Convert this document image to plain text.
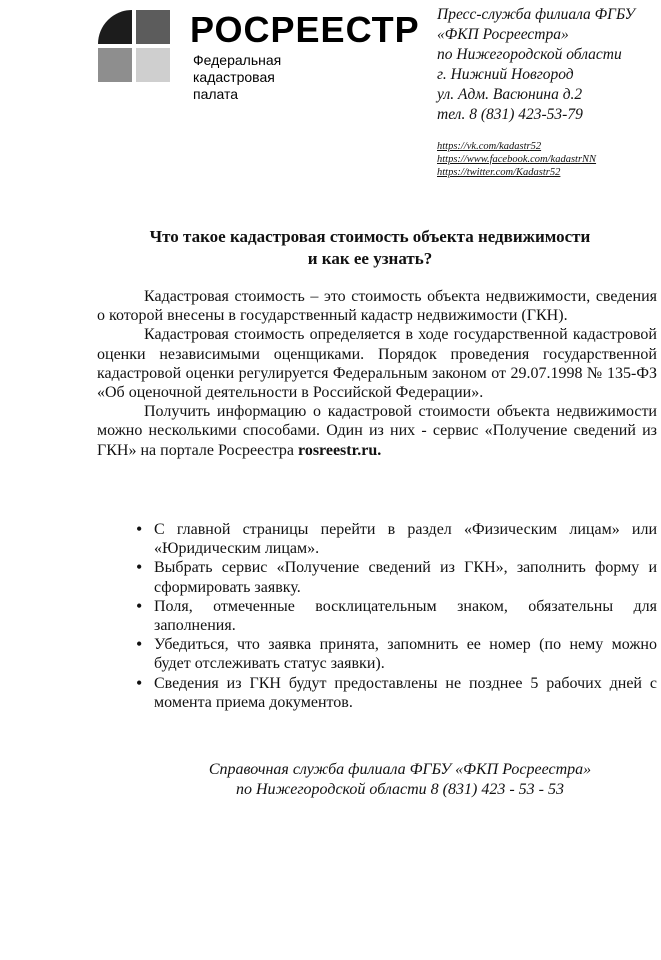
РОСРЕЕСТР
Федеральная
кадастровая
палата
Пресс-служба филиала ФГБУ
«ФКП Росреестра»
по Нижегородской области
г. Нижний Новгород
ул. Адм. Васюнина д.2
тел. 8 (831) 423-53-79
https://vk.com/kadastr52
https://www.facebook.com/kadastrNN
https://twitter.com/Kadastr52
Что такое кадастровая стоимость объекта недвижимости
и как ее узнать?

Кадастровая стоимость – это стоимость объекта недвижимости, сведения о которой внесены в государственный кадастр недвижимости (ГКН).

Кадастровая стоимость определяется в ходе государственной кадастровой оценки независимыми оценщиками. Порядок проведения государственной кадастровой оценки регулируется Федеральным законом от 29.07.1998 № 135-ФЗ «Об оценочной деятельности в Российской Федерации».

Получить информацию о кадастровой стоимости объекта недвижимости можно несколькими способами. Один из них - сервис «Получение сведений из ГКН» на портале Росреестра rosreestr.ru.

• С главной страницы перейти в раздел «Физическим лицам» или «Юридическим лицам».
• Выбрать сервис «Получение сведений из ГКН», заполнить форму и сформировать заявку.
• Поля, отмеченные восклицательным знаком, обязательны для заполнения.
• Убедиться, что заявка принята, запомнить ее номер (по нему можно будет отслеживать статус заявки).
• Сведения из ГКН будут предоставлены не позднее 5 рабочих дней с момента приема документов.
Справочная служба филиала ФГБУ «ФКП Росреестра»
по Нижегородской области 8 (831) 423 - 53 - 53
